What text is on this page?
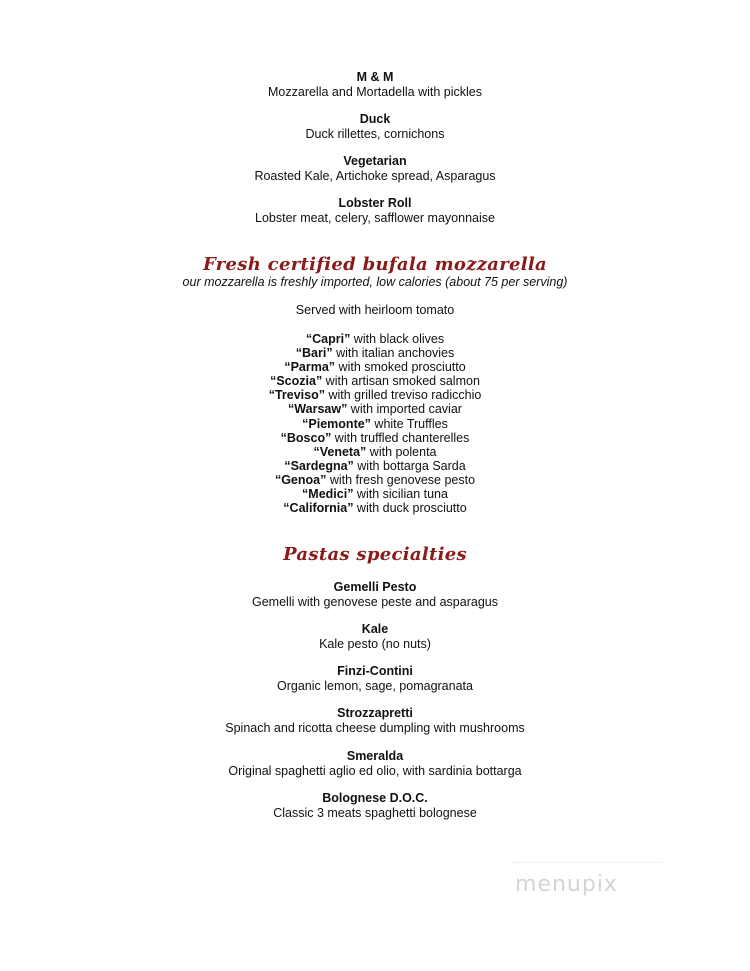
M & M
Mozzarella and Mortadella with pickles
Duck
Duck rillettes, cornichons
Vegetarian
Roasted Kale, Artichoke spread, Asparagus
Lobster Roll
Lobster meat, celery, safflower mayonnaise
Fresh certified bufala mozzarella
our mozzarella is freshly imported, low calories (about 75 per serving)
Served with heirloom tomato
“Capri” with black olives
“Bari” with italian anchovies
“Parma” with smoked prosciutto
“Scozia” with artisan smoked salmon
“Treviso” with grilled treviso radicchio
“Warsaw” with imported caviar
“Piemonte” white Truffles
“Bosco” with truffled chanterelles
“Veneta” with polenta
“Sardegna” with bottarga Sarda
“Genoa” with fresh genovese pesto
“Medici” with sicilian tuna
“California” with duck prosciutto
Pastas specialties
Gemelli Pesto
Gemelli with genovese peste and asparagus
Kale
Kale pesto (no nuts)
Finzi-Contini
Organic lemon, sage, pomagranata
Strozzapretti
Spinach and ricotta cheese dumpling with mushrooms
Smeralda
Original spaghetti aglio ed olio, with sardinia bottarga
Bolognese D.O.C.
Classic 3 meats spaghetti bolognese
menupix
